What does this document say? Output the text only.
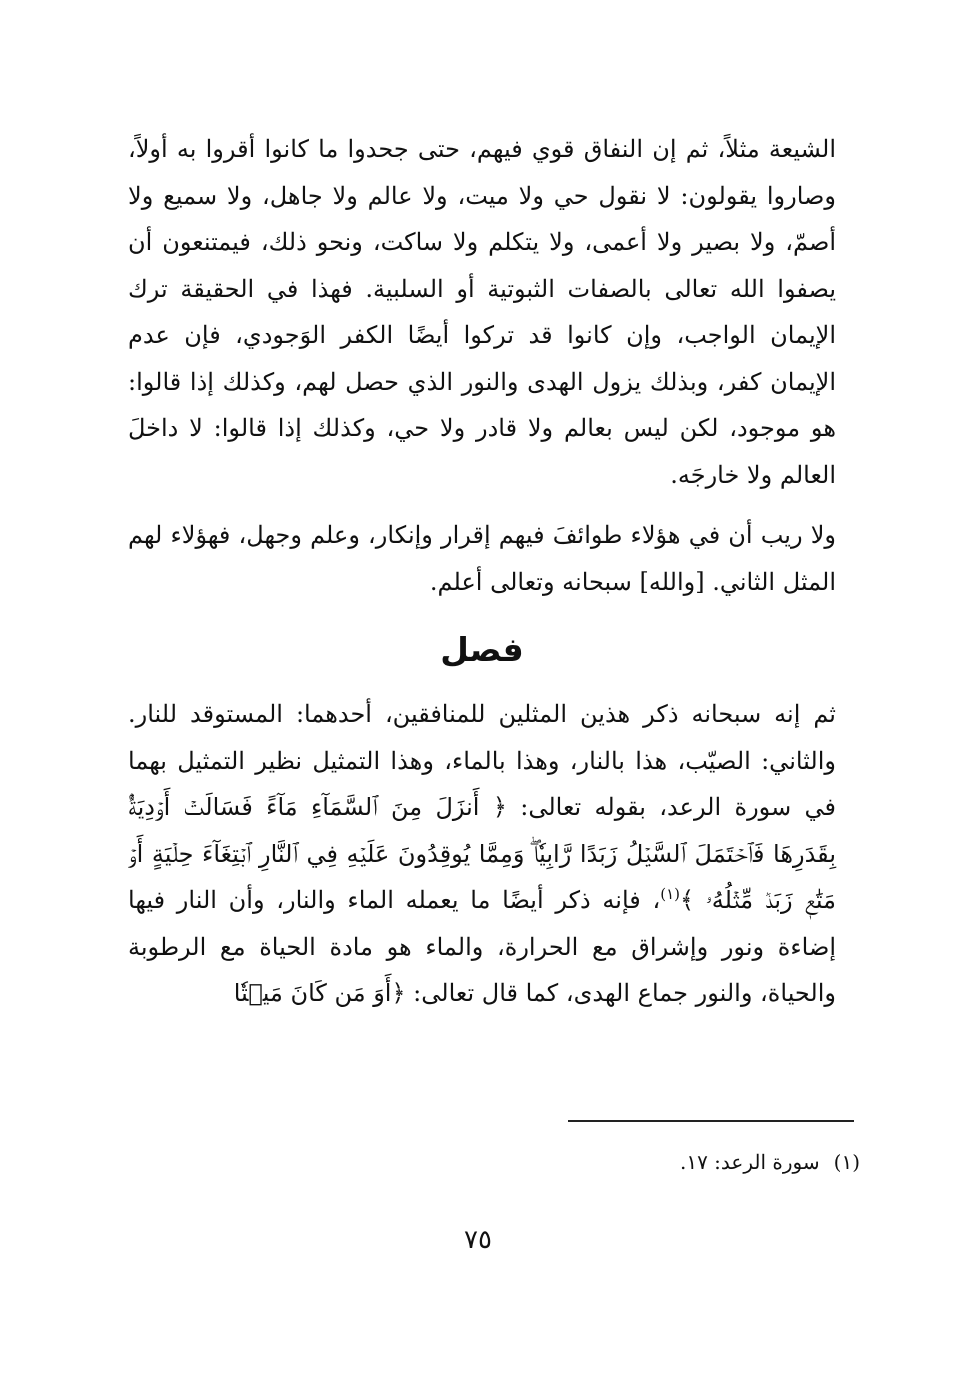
الشيعة مثلاً، ثم إن النفاق قوي فيهم، حتى جحدوا ما كانوا أقروا به أولاً، وصاروا يقولون: لا نقول حي ولا ميت، ولا عالم ولا جاهل، ولا سميع ولا أصمّ، ولا بصير ولا أعمى، ولا يتكلم ولا ساكت، ونحو ذلك، فيمتنعون أن يصفوا الله تعالى بالصفات الثبوتية أو السلبية. فهذا في الحقيقة ترك الإيمان الواجب، وإن كانوا قد تركوا أيضًا الكفر الوَجودي، فإن عدم الإيمان كفر، وبذلك يزول الهدى والنور الذي حصل لهم، وكذلك إذا قالوا: هو موجود، لكن ليس بعالم ولا قادر ولا حي، وكذلك إذا قالوا: لا داخلَ العالم ولا خارجَه.

ولا ريب أن في هؤلاء طوائفَ فيهم إقرار وإنكار، وعلم وجهل، فهؤلاء لهم المثل الثاني. [والله] سبحانه وتعالى أعلم.

فصل

ثم إنه سبحانه ذكر هذين المثلين للمنافقين، أحدهما: المستوقد للنار. والثاني: الصيّب، هذا بالنار، وهذا بالماء، وهذا التمثيل نظير التمثيل بهما في سورة الرعد، بقوله تعالى: ﴿ أَنزَلَ مِنَ ٱلسَّمَآءِ مَآءً فَسَالَتۡ أَوۡدِيَةُۢ بِقَدَرِهَا فَٱحۡتَمَلَ ٱلسَّيۡلُ زَبَدًا رَّابِيٗاۖ وَمِمَّا يُوقِدُونَ عَلَيۡهِ فِي ٱلنَّارِ ٱبۡتِغَآءَ حِلۡيَةٍ أَوۡ مَتَٰعٖ زَبَدٞ مِّثۡلُهُۥ ﴾$^{(١)}$، فإنه ذكر أيضًا ما يعمله الماء والنار، وأن النار فيها إضاءة ونور وإشراق مع الحرارة، والماء هو مادة الحياة مع الرطوبة والحياة، والنور جماع الهدى، كما قال تعالى: ﴿أَوَ مَن كَانَ مَيۡتٗا

(١)سورة الرعد: ١٧.
٧٥
